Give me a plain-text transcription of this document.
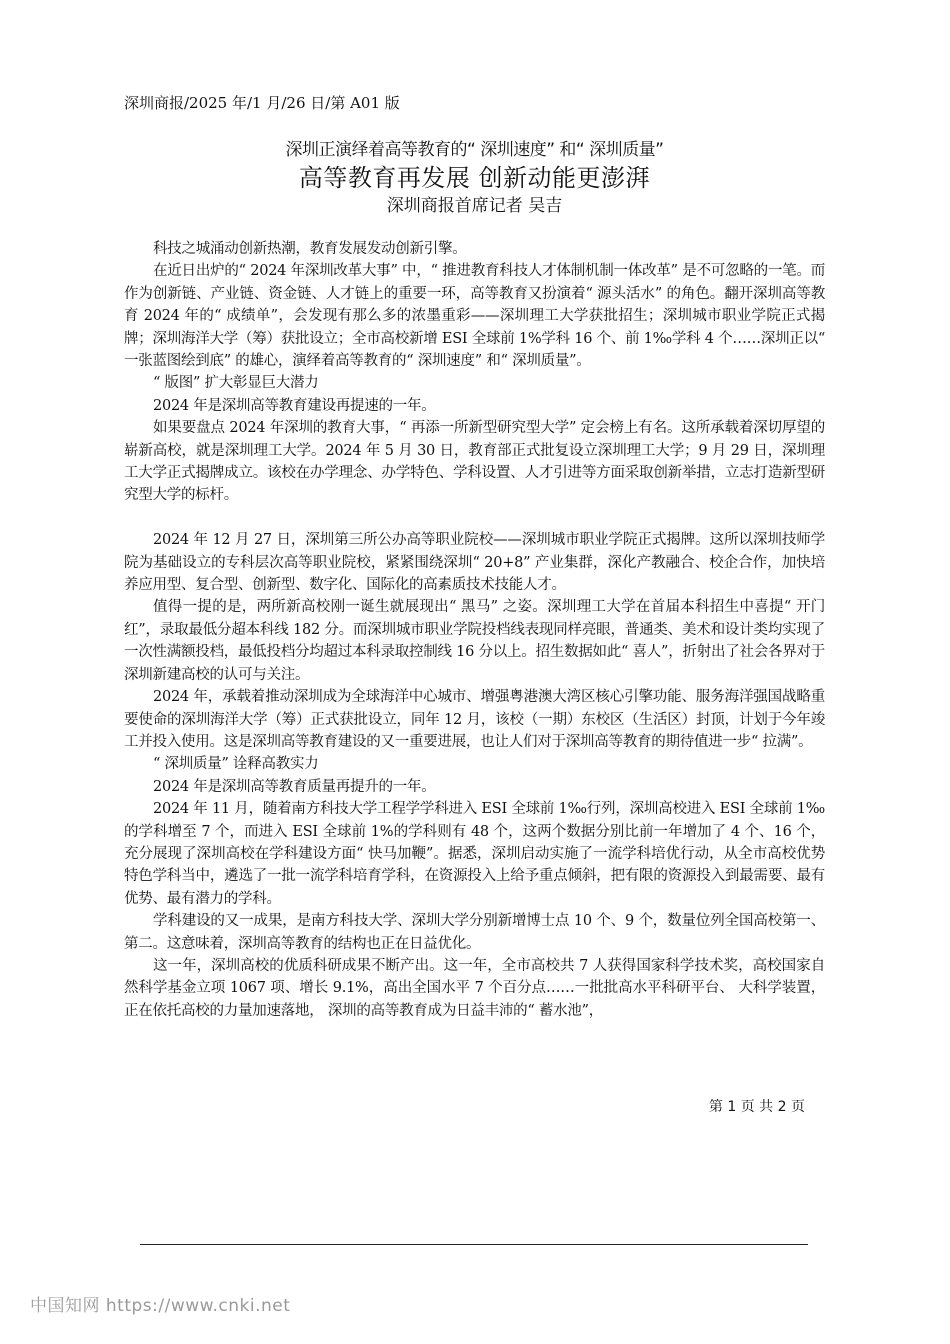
深圳商报/2025 年/1 月/26 日/第 A01 版
深圳正演绎着高等教育的“ 深圳速度” 和“ 深圳质量”
高等教育再发展 创新动能更澎湃
深圳商报首席记者 吴吉

科技之城涌动创新热潮，教育发展发动创新引擎。

在近日出炉的“ 2024 年深圳改革大事” 中，“ 推进教育科技人才体制机制一体改革” 是不可忽略的一笔。而作为创新链、产业链、资金链、人才链上的重要一环，高等教育又扮演着“ 源头活水” 的角色。翻开深圳高等教育 2024 年的“ 成绩单”，会发现有那么多的浓墨重彩——深圳理工大学获批招生；深圳城市职业学院正式揭牌；深圳海洋大学（筹）获批设立；全市高校新增 ESI 全球前 1%学科 16 个、前 1‰学科 4 个……深圳正以“ 一张蓝图绘到底” 的雄心，演绎着高等教育的“ 深圳速度” 和“ 深圳质量”。

“ 版图” 扩大彰显巨大潜力

2024 年是深圳高等教育建设再提速的一年。

如果要盘点 2024 年深圳的教育大事，“ 再添一所新型研究型大学” 定会榜上有名。这所承载着深切厚望的崭新高校，就是深圳理工大学。2024 年 5 月 30 日，教育部正式批复设立深圳理工大学；9 月 29 日，深圳理工大学正式揭牌成立。该校在办学理念、办学特色、学科设置、人才引进等方面采取创新举措，立志打造新型研究型大学的标杆。

2024 年 12 月 27 日，深圳第三所公办高等职业院校——深圳城市职业学院正式揭牌。这所以深圳技师学院为基础设立的专科层次高等职业院校，紧紧围绕深圳“ 20+8” 产业集群，深化产教融合、校企合作，加快培养应用型、复合型、创新型、数字化、国际化的高素质技术技能人才。

值得一提的是，两所新高校刚一诞生就展现出“ 黑马” 之姿。深圳理工大学在首届本科招生中喜提“ 开门红”，录取最低分超本科线 182 分。而深圳城市职业学院投档线表现同样亮眼，普通类、美术和设计类均实现了一次性满额投档，最低投档分均超过本科录取控制线 16 分以上。招生数据如此“ 喜人”，折射出了社会各界对于深圳新建高校的认可与关注。

2024 年，承载着推动深圳成为全球海洋中心城市、增强粤港澳大湾区核心引擎功能、服务海洋强国战略重要使命的深圳海洋大学（筹）正式获批设立，同年 12 月，该校（一期）东校区（生活区）封顶，计划于今年竣工并投入使用。这是深圳高等教育建设的又一重要进展，也让人们对于深圳高等教育的期待值进一步“ 拉满”。

“ 深圳质量” 诠释高教实力

2024 年是深圳高等教育质量再提升的一年。

2024 年 11 月，随着南方科技大学工程学学科进入 ESI 全球前 1‰行列，深圳高校进入 ESI 全球前 1‰的学科增至 7 个，而进入 ESI 全球前 1%的学科则有 48 个，这两个数据分别比前一年增加了 4 个、16 个，充分展现了深圳高校在学科建设方面“ 快马加鞭”。据悉，深圳启动实施了一流学科培优行动，从全市高校优势特色学科当中，遴选了一批一流学科培育学科，在资源投入上给予重点倾斜，把有限的资源投入到最需要、最有优势、最有潜力的学科。

学科建设的又一成果，是南方科技大学、深圳大学分别新增博士点 10 个、9 个，数量位列全国高校第一、第二。这意味着，深圳高等教育的结构也正在日益优化。

这一年，深圳高校的优质科研成果不断产出。这一年，全市高校共 7 人获得国家科学技术奖，高校国家自然科学基金立项 1067 项、增长 9.1%，高出全国水平 7 个百分点……一批批高水平科研平台、 大科学装置， 正在依托高校的力量加速落地， 深圳的高等教育成为日益丰沛的“ 蓄水池”，

第 1 页 共 2 页
中国知网 https://www.cnki.net
